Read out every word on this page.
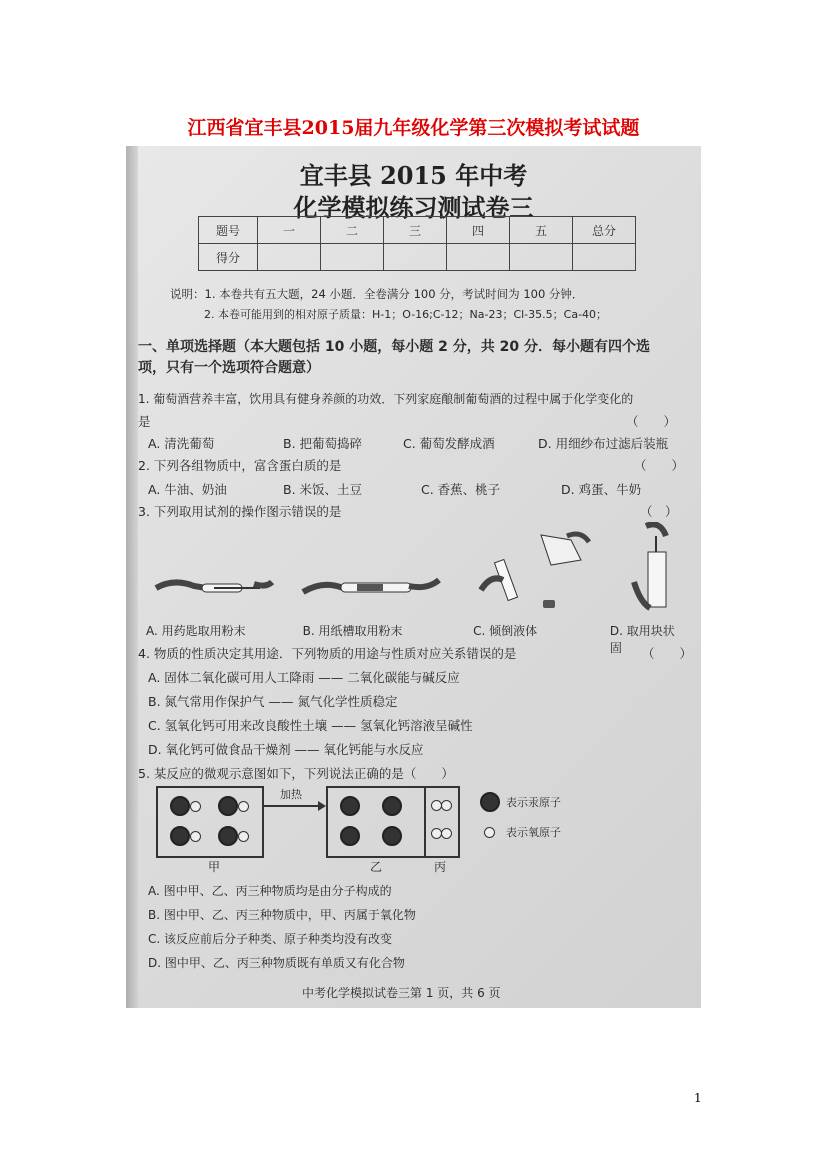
江西省宜丰县2015届九年级化学第三次模拟考试试题
宜丰县 2015 年中考
化学模拟练习测试卷三
题号	一	二	三	四	五	总分
得分						
说明：1. 本卷共有五大题，24 小题．全卷满分 100 分，考试时间为 100 分钟．
2. 本卷可能用到的相对原子质量：H-1；O-16;C-12；Na-23；Cl-35.5；Ca-40；
一、单项选择题（本大题包括 10 小题，每小题 2 分，共 20 分．每小题有四个选
项，只有一个选项符合题意）
1. 葡萄酒营养丰富，饮用具有健身养颜的功效．下列家庭酿制葡萄酒的过程中属于化学变化的
是	（　　）
A. 清洗葡萄	B. 把葡萄捣碎	C. 葡萄发酵成酒	D. 用细纱布过滤后装瓶
2. 下列各组物质中，富含蛋白质的是	（　　）
A. 牛油、奶油	B. 米饭、土豆	C. 香蕉、桃子	D. 鸡蛋、牛奶
3. 下列取用试剂的操作图示错误的是	（　）
A. 用药匙取用粉末	B. 用纸槽取用粉末	C. 倾倒液体	D. 取用块状固
4. 物质的性质决定其用途．下列物质的用途与性质对应关系错误的是	（　　）
A. 固体二氧化碳可用人工降雨 —— 二氧化碳能与碱反应
B. 氮气常用作保护气 —— 氮气化学性质稳定
C. 氢氧化钙可用来改良酸性土壤 —— 氢氧化钙溶液呈碱性
D. 氧化钙可做食品干燥剂 —— 氧化钙能与水反应
5. 某反应的微观示意图如下，下列说法正确的是（　　）
甲
加热
乙	丙
表示汞原子
表示氧原子
A. 图中甲、乙、丙三种物质均是由分子构成的
B. 图中甲、乙、丙三种物质中，甲、丙属于氧化物
C. 该反应前后分子种类、原子种类均没有改变
D. 图中甲、乙、丙三种物质既有单质又有化合物
中考化学模拟试卷三第 1 页，共 6 页
1
